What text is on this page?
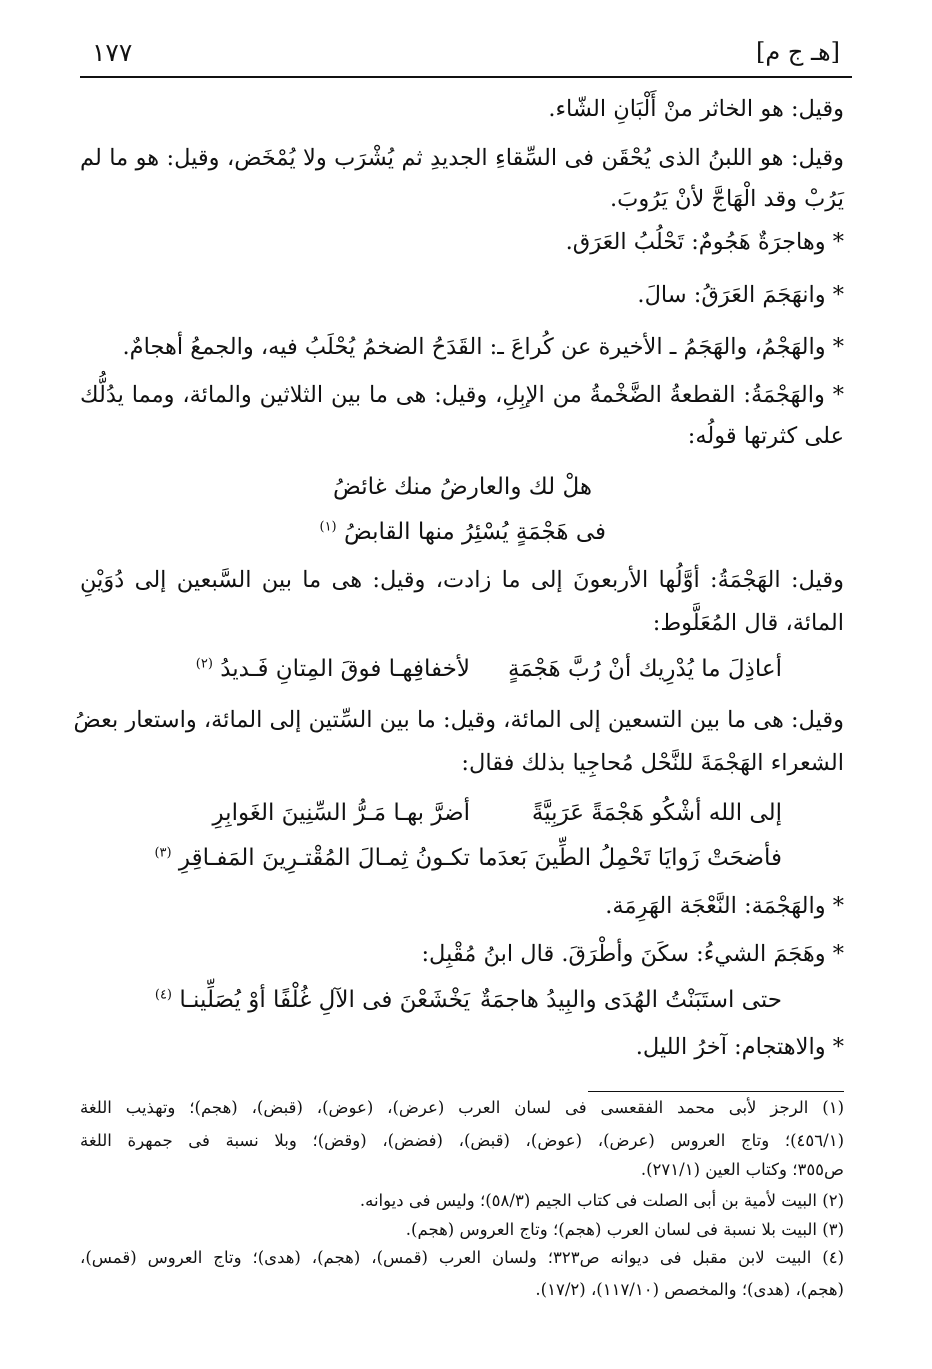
١٧٧	[هـ ج م]
وقيل: هو الخاثر منْ أَلْبَانِ الشّاء.
وقيل: هو اللبنُ الذى يُحْقَن فى السِّقاءِ الجديدِ ثم يُشْرَب ولا يُمْخَض، وقيل: هو ما لم
يَرُبْ وقد الْهَاجَّ لأنْ يَرُوبَ.
* وهاجرَةٌ هَجُومٌ: تَحْلُبُ العَرَق.
* وانهَجَمَ العَرَقُ: سالَ.
* والهَجْمُ، والهَجَمُ ـ الأخيرة عن كُراعَ ـ: القَدَحُ الضخمُ يُحْلَبُ فيه، والجمعُ أهجامٌ.
* والهَجْمَةُ: القطعةُ الضَّخْمةُ من الإبِلِ، وقيل: هى ما بين الثلاثين والمائة، ومما يدُلُّك
على كثرتها قولُه:
هلْ لك والعارضُ منك غائضُ
فى هَجْمَةٍ يُسْئِرُ منها القابضُ $^{(١)}$
وقيل: الهَجْمَةُ: أوَّلُها الأربعونَ إلى ما زادت، وقيل: هى ما بين السَّبعين إلى دُوَيْنِ
المائة، قال المُعَلَّوط:
أعاذِلَ ما يُدْرِيك أنْ رُبَّ هَجْمَةٍ
لأخفافِهـا فوقَ المِتانِ فَـديدُ $^{(٢)}$
وقيل: هى ما بين التسعين إلى المائة، وقيل: ما بين السِّتين إلى المائة، واستعار بعضُ
الشعراء الهَجْمَةَ للنَّحْل مُحاجِيا بذلك فقال:
إلى الله أشْكُو هَجْمَةً عَرَبِيَّةً
أضرَّ بهـا مَـرُّ السِّنِينَ الغَوابِرِ
فأضحَتْ زَوايَا تَحْمِلُ الطِّينَ بَعدَما
تكـونُ ثِمـالَ المُقْتـرِينَ المَفـاقِرِ $^{(٣)}$
* والهَجْمَة: النَّعْجَة الهَرِمَة.
* وهَجَمَ الشيءُ: سكَنَ وأطْرَقَ. قال ابنُ مُقْبِل:
حتى استَبَنْتُ الهُدَى والبِيدُ هاجمَةٌ
يَخْشَعْنَ فى الآلِ غُلْفًا أوْ يُصَلِّينـا $^{(٤)}$
* والاهتجام: آخرُ الليل.
(١) الرجز لأبى محمد الفقعسى فى لسان العرب (عرض)، (عوض)، (قبض)، (هجم)؛ وتهذيب اللغة
(٤٥٦/١)؛ وتاج العروس (عرض)، (عوض)، (قبض)، (فضض)، (وقض)؛ وبلا نسبة فى جمهرة اللغة
ص٣٥٥؛ وكتاب العين (٢٧١/١).
(٢) البيت لأمية بن أبى الصلت فى كتاب الجيم (٥٨/٣)؛ وليس فى ديوانه.
(٣) البيت بلا نسبة فى لسان العرب (هجم)؛ وتاج العروس (هجم).
(٤) البيت لابن مقبل فى ديوانه ص٣٢٣؛ ولسان العرب (قمس)، (هجم)، (هدى)؛ وتاج العروس (قمس)،
(هجم)، (هدى)؛ والمخصص (١١٧/١٠)، (١٧/٢).
